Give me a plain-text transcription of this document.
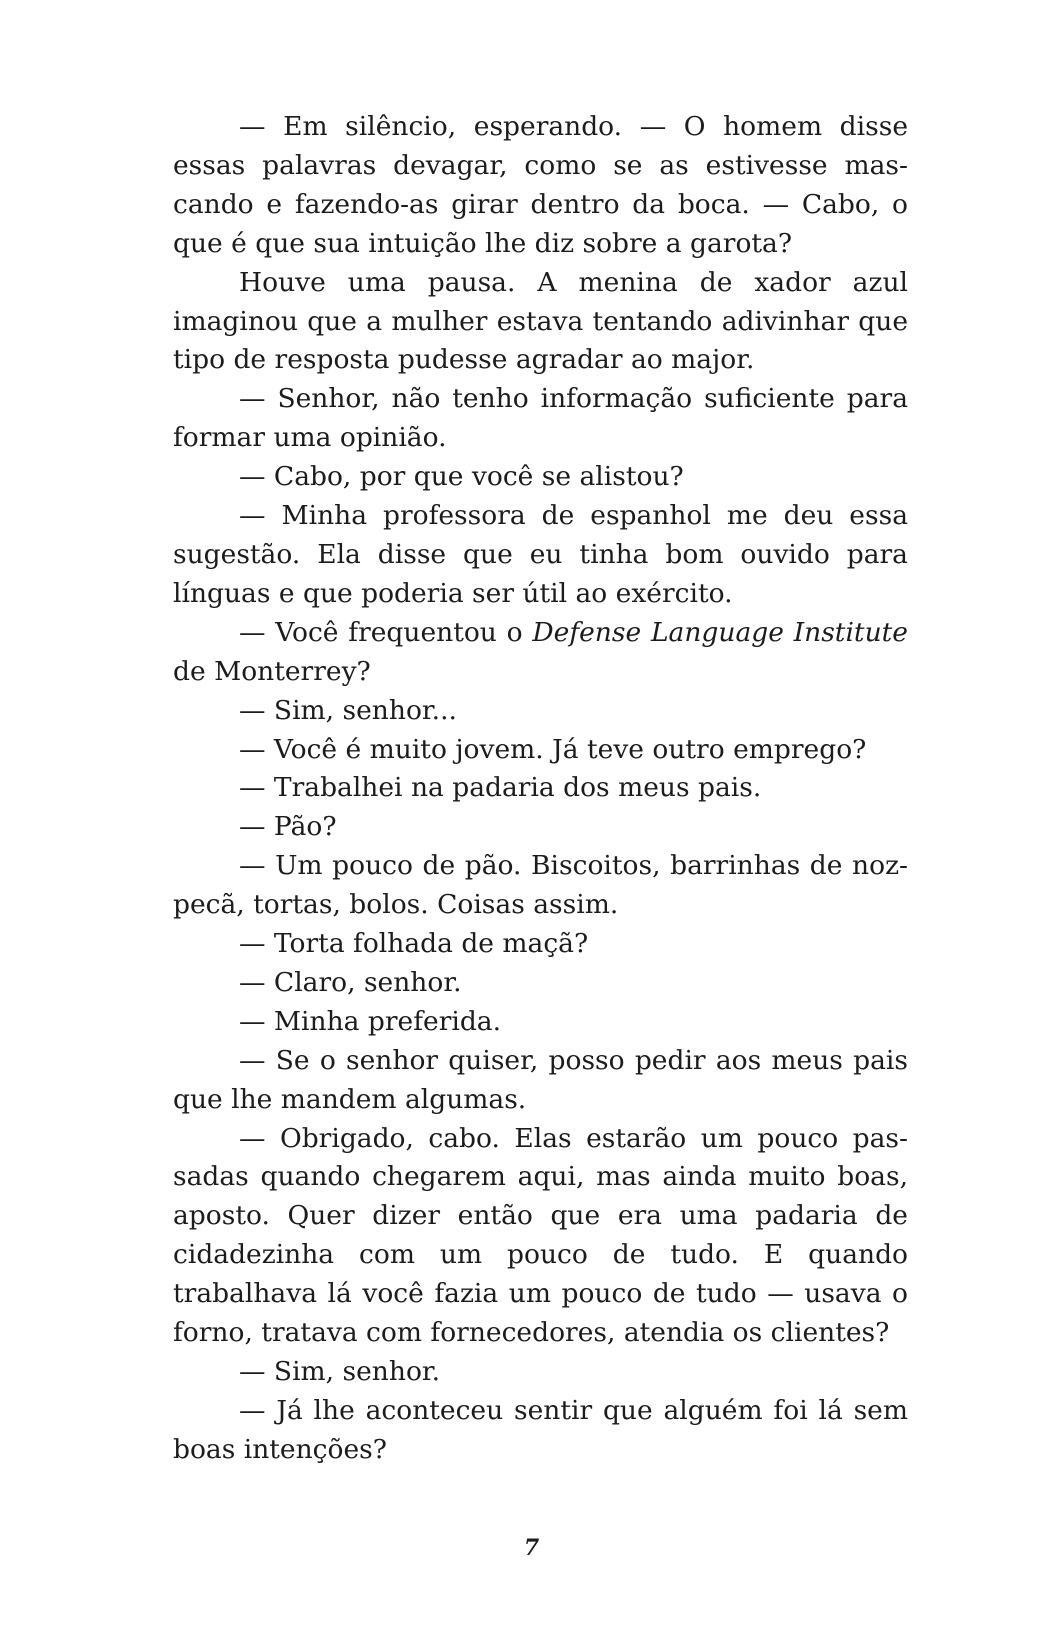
— Em silêncio, esperando. — O homem disse essas palavras devagar, como se as estivesse mas-cando e fazendo-as girar dentro da boca. — Cabo, o que é que sua intuição lhe diz sobre a garota?

Houve uma pausa. A menina de xador azul imaginou que a mulher estava tentando adivinhar que tipo de resposta pudesse agradar ao major.

— Senhor, não tenho informação suficiente para formar uma opinião.

— Cabo, por que você se alistou?

— Minha professora de espanhol me deu essa sugestão. Ela disse que eu tinha bom ouvido para línguas e que poderia ser útil ao exército.

— Você frequentou o Defense Language Institute de Monterrey?

— Sim, senhor...

— Você é muito jovem. Já teve outro emprego?

— Trabalhei na padaria dos meus pais.

— Pão?

— Um pouco de pão. Biscoitos, barrinhas de noz-pecã, tortas, bolos. Coisas assim.

— Torta folhada de maçã?

— Claro, senhor.

— Minha preferida.

— Se o senhor quiser, posso pedir aos meus pais que lhe mandem algumas.

— Obrigado, cabo. Elas estarão um pouco pas-sadas quando chegarem aqui, mas ainda muito boas, aposto. Quer dizer então que era uma padaria de cidadezinha com um pouco de tudo. E quando trabalhava lá você fazia um pouco de tudo — usava o forno, tratava com fornecedores, atendia os clientes?

— Sim, senhor.

— Já lhe aconteceu sentir que alguém foi lá sem boas intenções?

7
